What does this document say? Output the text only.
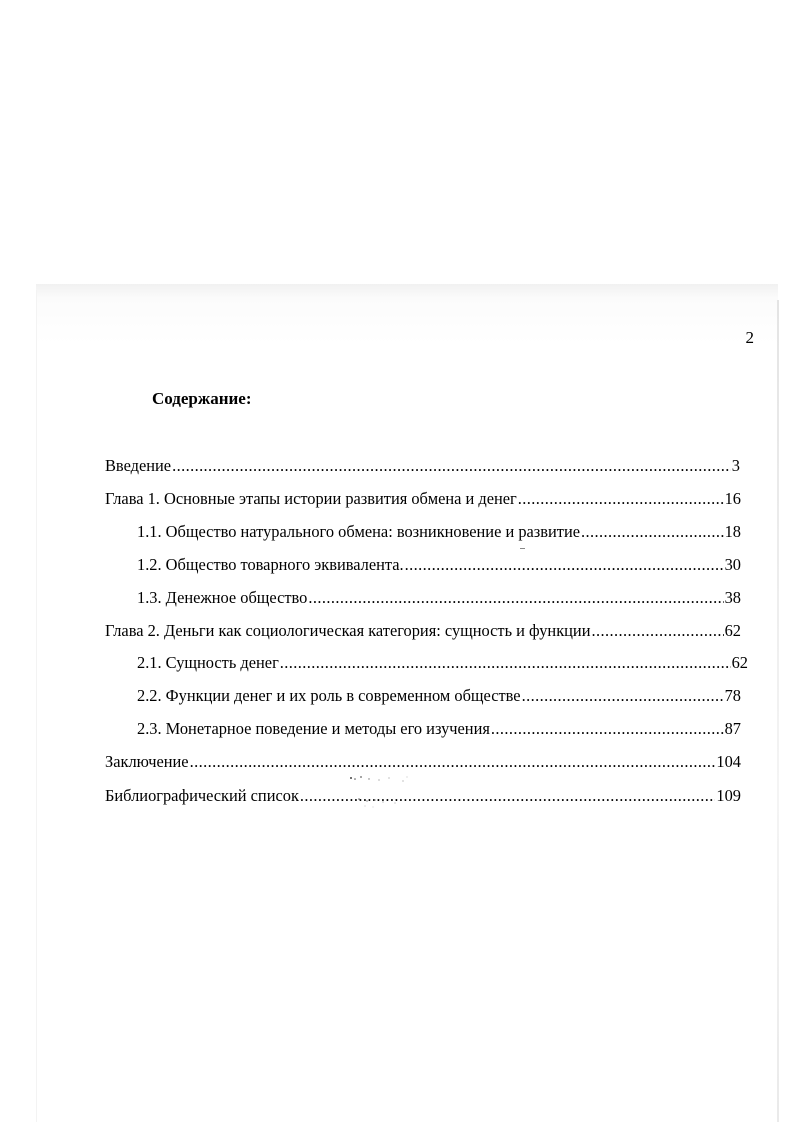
2
Содержание:
Введение .....	3
Глава 1. Основные этапы истории развития обмена и денег .....	16
1.1. Общество натурального обмена: возникновение и развитие .....	18
1.2. Общество товарного эквивалента. .....	30
1.3. Денежное общество .....	38
Глава 2. Деньги как социологическая категория: сущность и функции .....	62
2.1. Сущность денег .....	62
2.2. Функции денег и их роль в современном обществе .....	78
2.3. Монетарное поведение и методы его изучения .....	87
Заключение .....	104
Библиографический список .....	109
